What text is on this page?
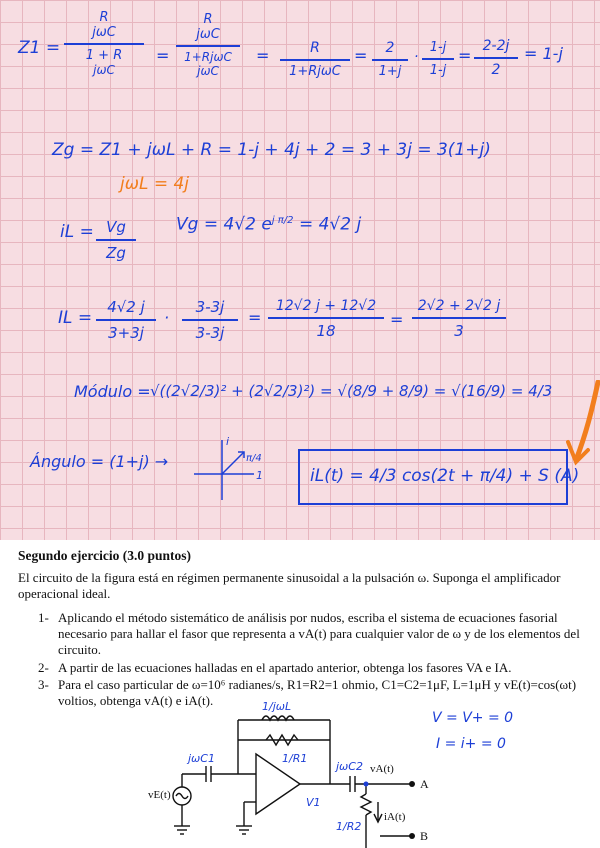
Z1 =
R
jωC
1 + R
jωC
=
R
jωC
1+RjωC
jωC
=	R
1+RjωC
= 2
1+j
·
1-j
1-j
= 2-2j
2
= 1-j
Zg = Z1 + jωL + R = 1-j + 4j + 2 = 3 + 3j = 3(1+j)
jωL = 4j
iL = Vg
Zg
Vg = 4√2 $e^{j \pi/2} = 4√2$ j
IL =
4√2 j
3+3j
·
3-3j
3-3j
=
12√2 j + 12√2
18
=
2√2 + 2√2 j
3
Módulo = √((2√2/3)² + (2√2/3)²) = √(8/9 + 8/9) = √(16/9) = 4/3
Ángulo = (1+j) →	π/4
i
1	iL(t) = 4/3 cos(2t + π/4) + S (A)
Segundo ejercicio (3.0 puntos)
El circuito de la figura está en régimen permanente sinusoidal a la pulsación ω. Suponga el amplificador operacional ideal.
1- Aplicando el método sistemático de análisis por nudos, escriba el sistema de ecuaciones fasorial necesario para hallar el fasor que representa a vA(t) para cualquier valor de ω y de los elementos del circuito.
2- A partir de las ecuaciones halladas en el apartado anterior, obtenga los fasores VA e IA.
3- Para el caso particular de ω=10⁶ radianes/s, R1=R2=1 ohmio, C1=C2=1μF, L=1μH y vE(t)=cos(ωt) voltios, obtenga vA(t) e iA(t).
vE(t)
vA(t)
iA(t)
A
B
1/jωL
1/R1
jωC1
jωC2
V1
1/R2
V = V+ = 0
I = i+ = 0
